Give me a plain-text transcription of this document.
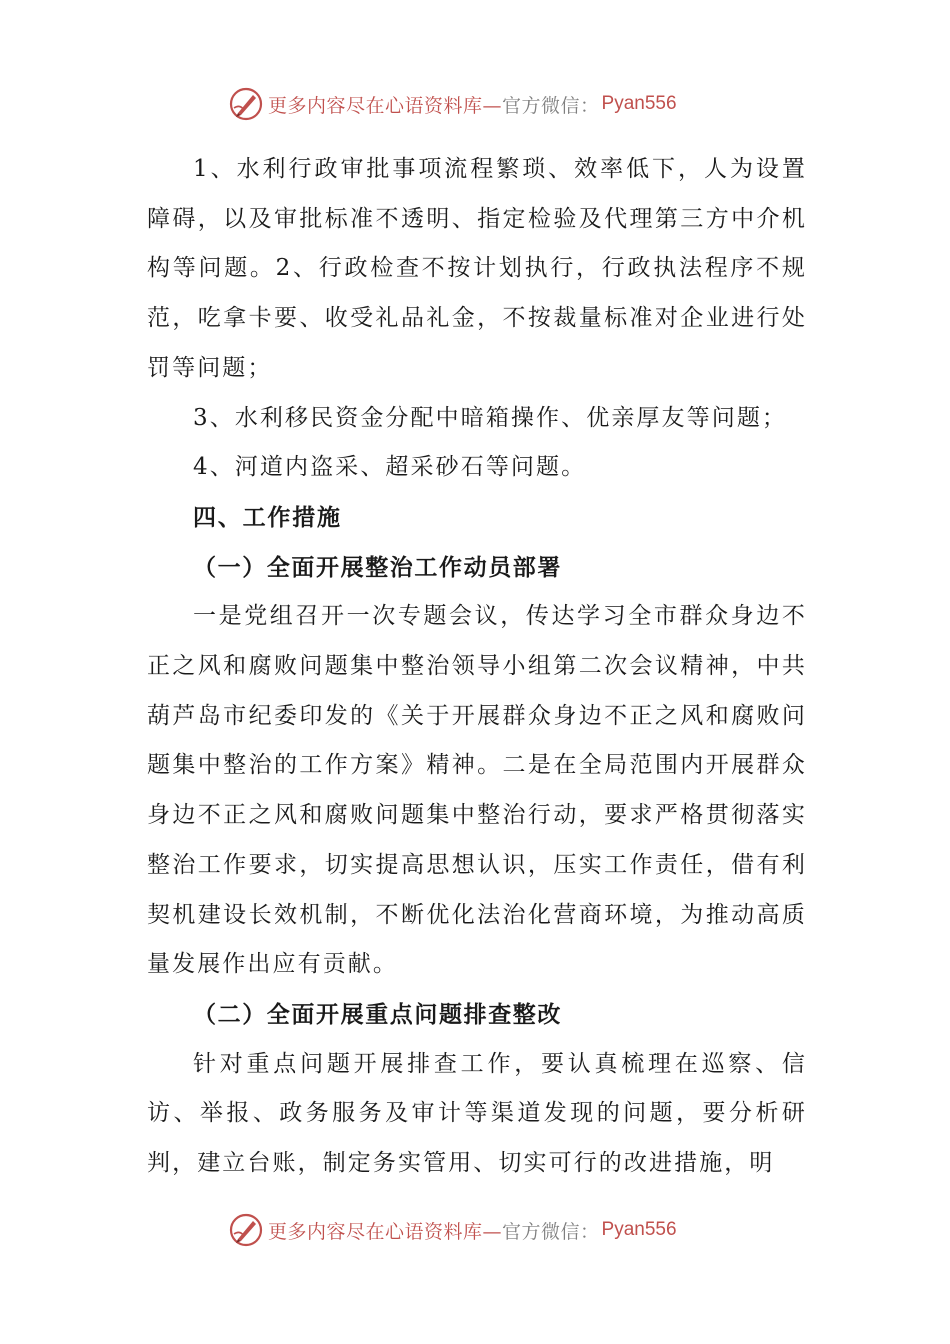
更多内容尽在心语资料库— 官方微信： Pyan556

1、水利行政审批事项流程繁琐、效率低下，人为设置障碍，以及审批标准不透明、指定检验及代理第三方中介机构等问题。2、行政检查不按计划执行，行政执法程序不规范，吃拿卡要、收受礼品礼金，不按裁量标准对企业进行处罚等问题；

3、水利移民资金分配中暗箱操作、优亲厚友等问题；

4、河道内盗采、超采砂石等问题。

四、工作措施

（一）全面开展整治工作动员部署

一是党组召开一次专题会议，传达学习全市群众身边不正之风和腐败问题集中整治领导小组第二次会议精神，中共葫芦岛市纪委印发的《关于开展群众身边不正之风和腐败问题集中整治的工作方案》精神。二是在全局范围内开展群众身边不正之风和腐败问题集中整治行动，要求严格贯彻落实整治工作要求，切实提高思想认识，压实工作责任，借有利契机建设长效机制，不断优化法治化营商环境，为推动高质量发展作出应有贡献。

（二）全面开展重点问题排查整改

针对重点问题开展排查工作，要认真梳理在巡察、信访、举报、政务服务及审计等渠道发现的问题，要分析研判，建立台账，制定务实管用、切实可行的改进措施，明

更多内容尽在心语资料库— 官方微信： Pyan556
